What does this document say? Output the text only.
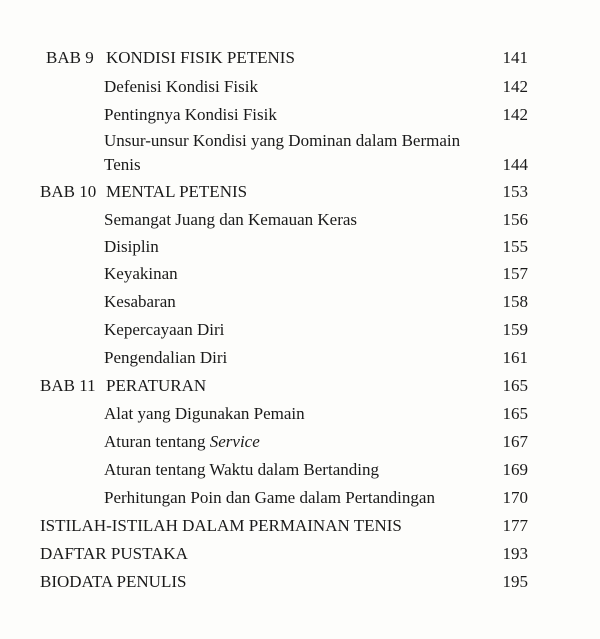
BAB 9 KONDISI FISIK PETENIS	141
Defenisi Kondisi Fisik	142
Pentingnya Kondisi Fisik	142
Unsur-unsur Kondisi yang Dominan dalam Bermain
Tenis	144
BAB 10 MENTAL PETENIS	153
Semangat Juang dan Kemauan Keras	156
Disiplin	155
Keyakinan	157
Kesabaran	158
Kepercayaan Diri	159
Pengendalian Diri	161
BAB 11 PERATURAN	165
Alat yang Digunakan Pemain	165
Aturan tentang Service	167
Aturan tentang Waktu dalam Bertanding	169
Perhitungan Poin dan Game dalam Pertandingan	170
ISTILAH-ISTILAH DALAM PERMAINAN TENIS	177
DAFTAR PUSTAKA	193
BIODATA PENULIS	195
